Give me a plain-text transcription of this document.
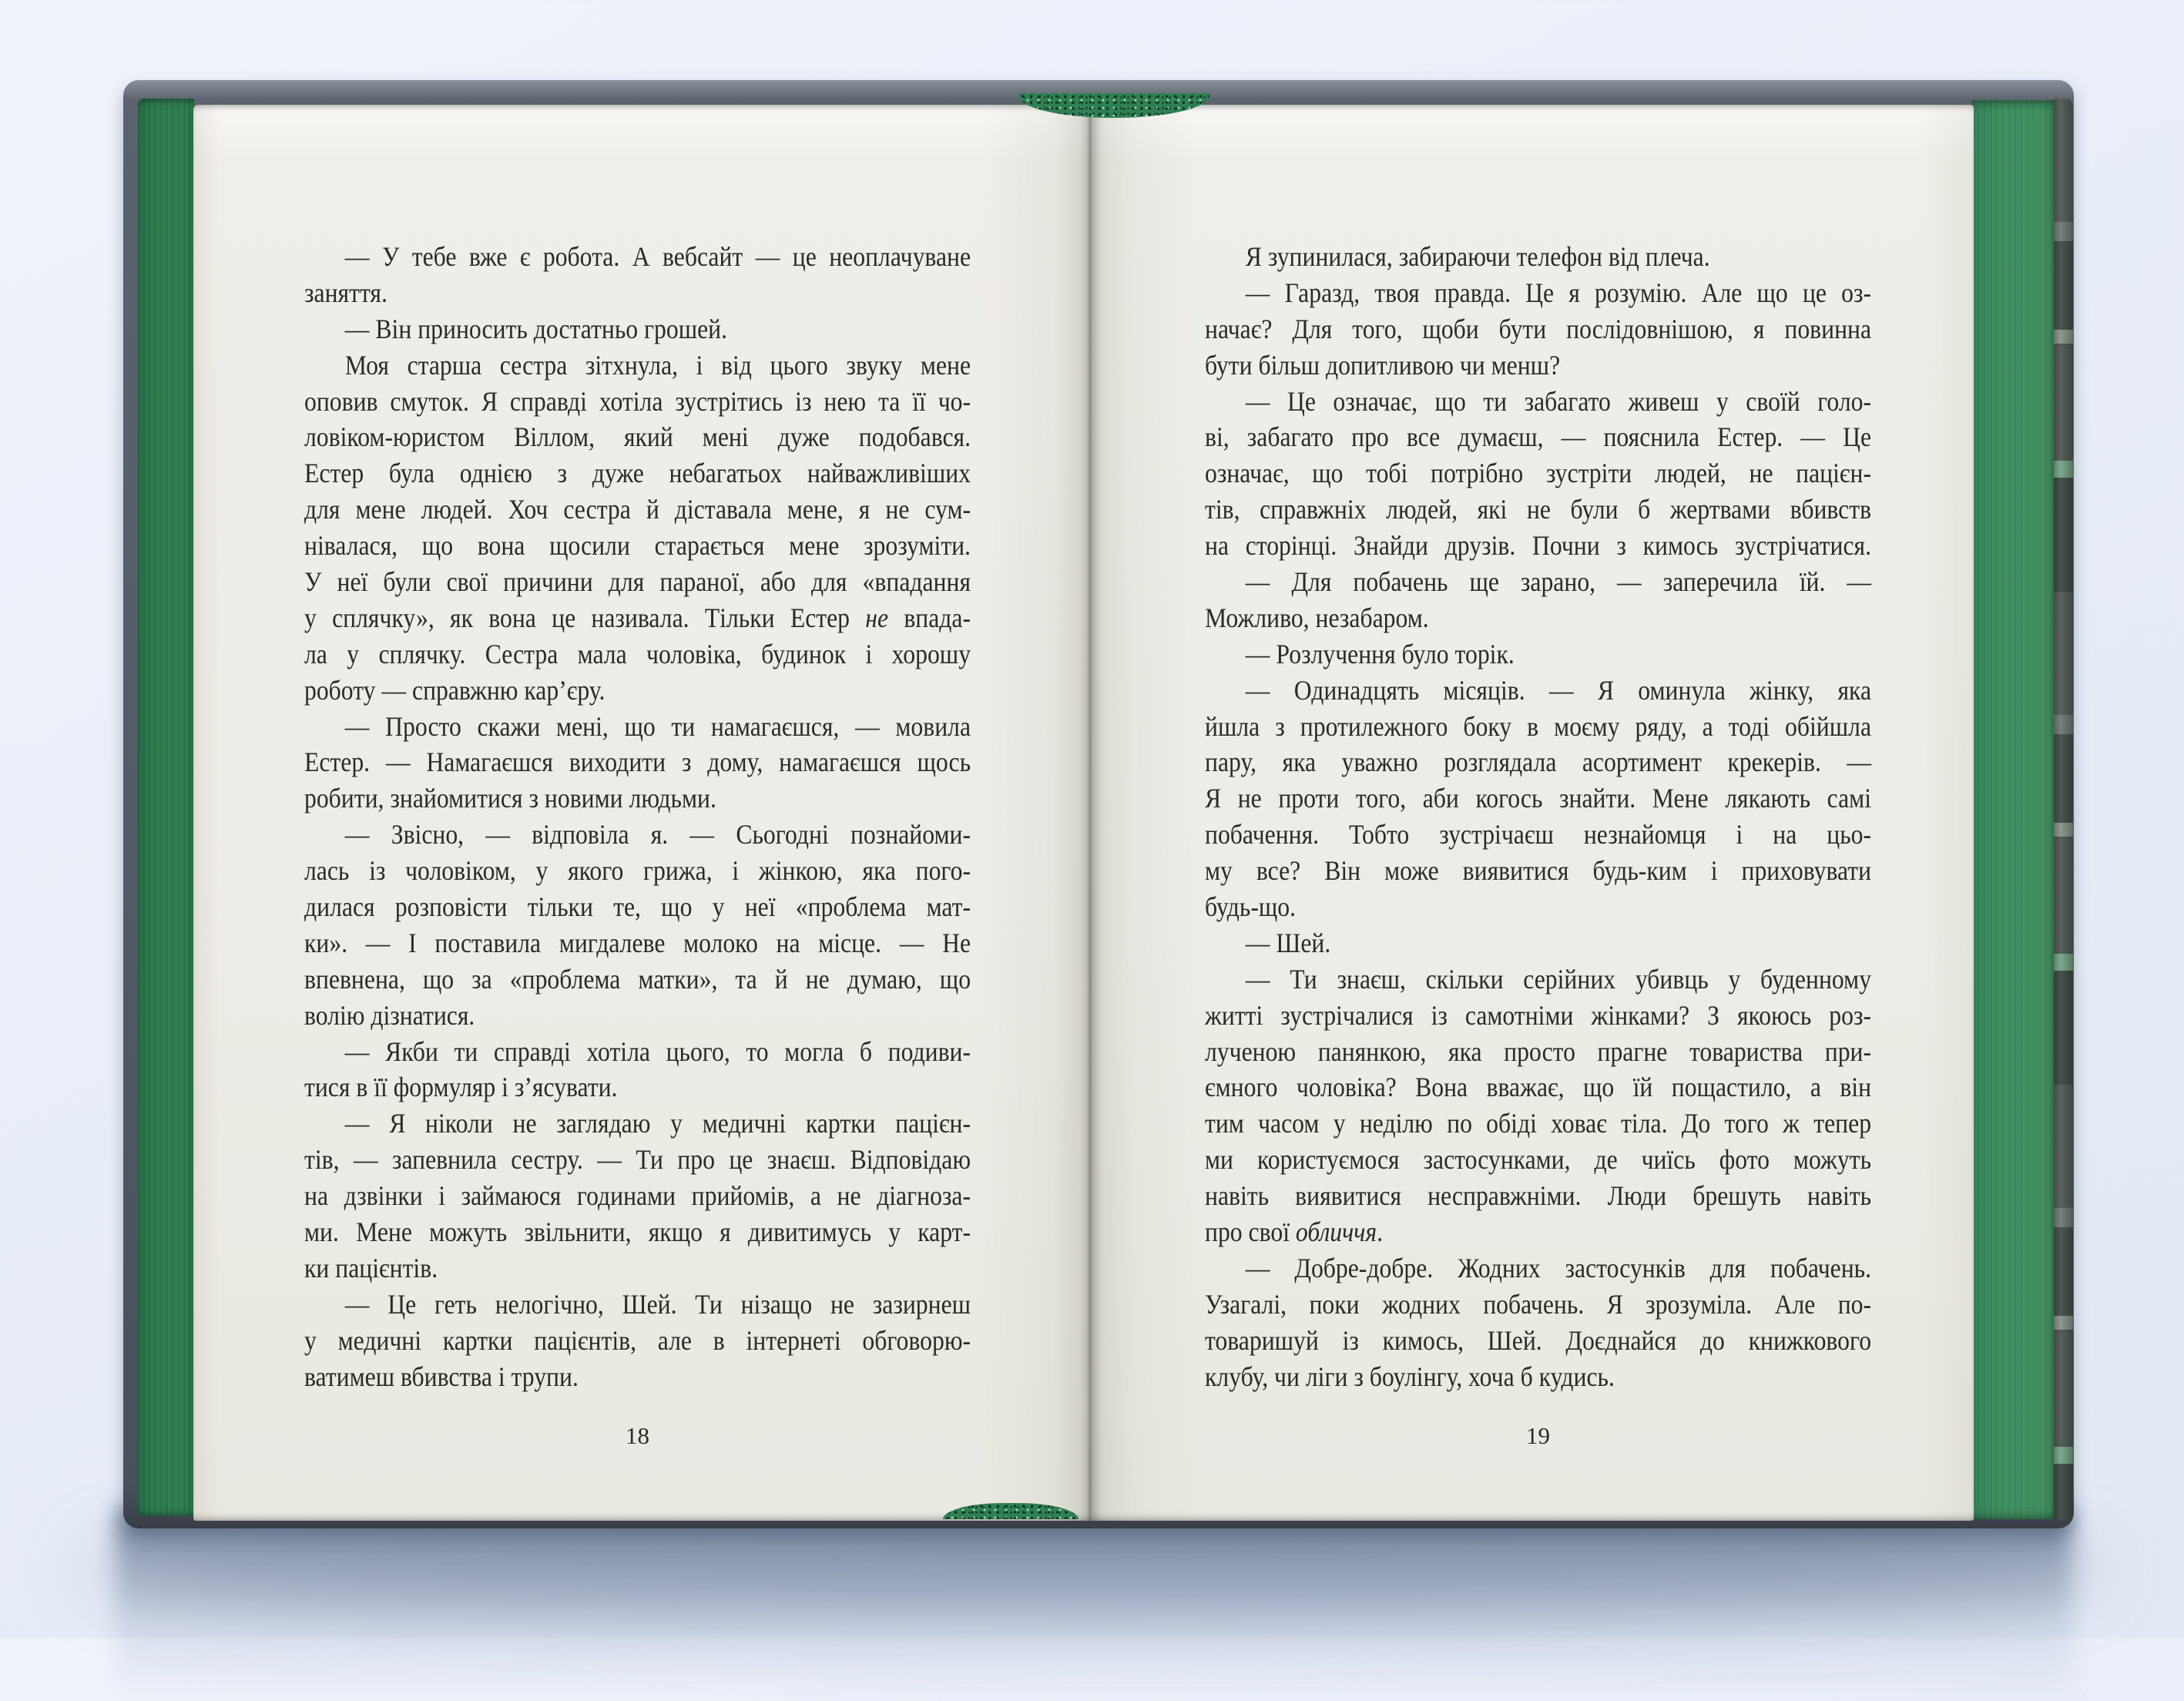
— У тебе вже є робота. А вебсайт — це неоплачуване
заняття.
— Він приносить достатньо грошей.
Моя старша сестра зітхнула, і від цього звуку мене
оповив смуток. Я справді хотіла зустрітись із нею та її чо-
ловіком-юристом Віллом, який мені дуже подобався.
Естер була однією з дуже небагатьох найважливіших
для мене людей. Хоч сестра й діставала мене, я не сум-
нівалася, що вона щосили старається мене зрозуміти.
У неї були свої причини для параної, або для «впадання
у сплячку», як вона це називала. Тільки Естер не впада-
ла у сплячку. Сестра мала чоловіка, будинок і хорошу
роботу — справжню кар’єру.
— Просто скажи мені, що ти намагаєшся, — мовила
Естер. — Намагаєшся виходити з дому, намагаєшся щось
робити, знайомитися з новими людьми.
— Звісно, — відповіла я. — Сьогодні познайоми-
лась із чоловіком, у якого грижа, і жінкою, яка пого-
дилася розповісти тільки те, що у неї «проблема мат-
ки». — І поставила мигдалеве молоко на місце. — Не
впевнена, що за «проблема матки», та й не думаю, що
волію дізнатися.
— Якби ти справді хотіла цього, то могла б подиви-
тися в її формуляр і з’ясувати.
— Я ніколи не заглядаю у медичні картки пацієн-
тів, — запевнила сестру. — Ти про це знаєш. Відповідаю
на дзвінки і займаюся годинами прийомів, а не діагноза-
ми. Мене можуть звільнити, якщо я дивитимусь у карт-
ки пацієнтів.
— Це геть нелогічно, Шей. Ти нізащо не зазирнеш
у медичні картки пацієнтів, але в інтернеті обговорю-
ватимеш вбивства і трупи.
Я зупинилася, забираючи телефон від плеча.
— Гаразд, твоя правда. Це я розумію. Але що це оз-
начає? Для того, щоби бути послідовнішою, я повинна
бути більш допитливою чи менш?
— Це означає, що ти забагато живеш у своїй голо-
ві, забагато про все думаєш, — пояснила Естер. — Це
означає, що тобі потрібно зустріти людей, не пацієн-
тів, справжніх людей, які не були б жертвами вбивств
на сторінці. Знайди друзів. Почни з кимось зустрічатися.
— Для побачень ще зарано, — заперечила їй. —
Можливо, незабаром.
— Розлучення було торік.
— Одинадцять місяців. — Я оминула жінку, яка
йшла з протилежного боку в моєму ряду, а тоді обійшла
пару, яка уважно розглядала асортимент крекерів. —
Я не проти того, аби когось знайти. Мене лякають самі
побачення. Тобто зустрічаєш незнайомця і на цьо-
му все? Він може виявитися будь-ким і приховувати
будь-що.
— Шей.
— Ти знаєш, скільки серійних убивць у буденному
житті зустрічалися із самотніми жінками? З якоюсь роз-
лученою панянкою, яка просто прагне товариства при-
ємного чоловіка? Вона вважає, що їй пощастило, а він
тим часом у неділю по обіді ховає тіла. До того ж тепер
ми користуємося застосунками, де чиїсь фото можуть
навіть виявитися несправжніми. Люди брешуть навіть
про свої обличчя.
— Добре-добре. Жодних застосунків для побачень.
Узагалі, поки жодних побачень. Я зрозуміла. Але по-
товаришуй із кимось, Шей. Доєднайся до книжкового
клубу, чи ліги з боулінгу, хоча б кудись.
18	19
